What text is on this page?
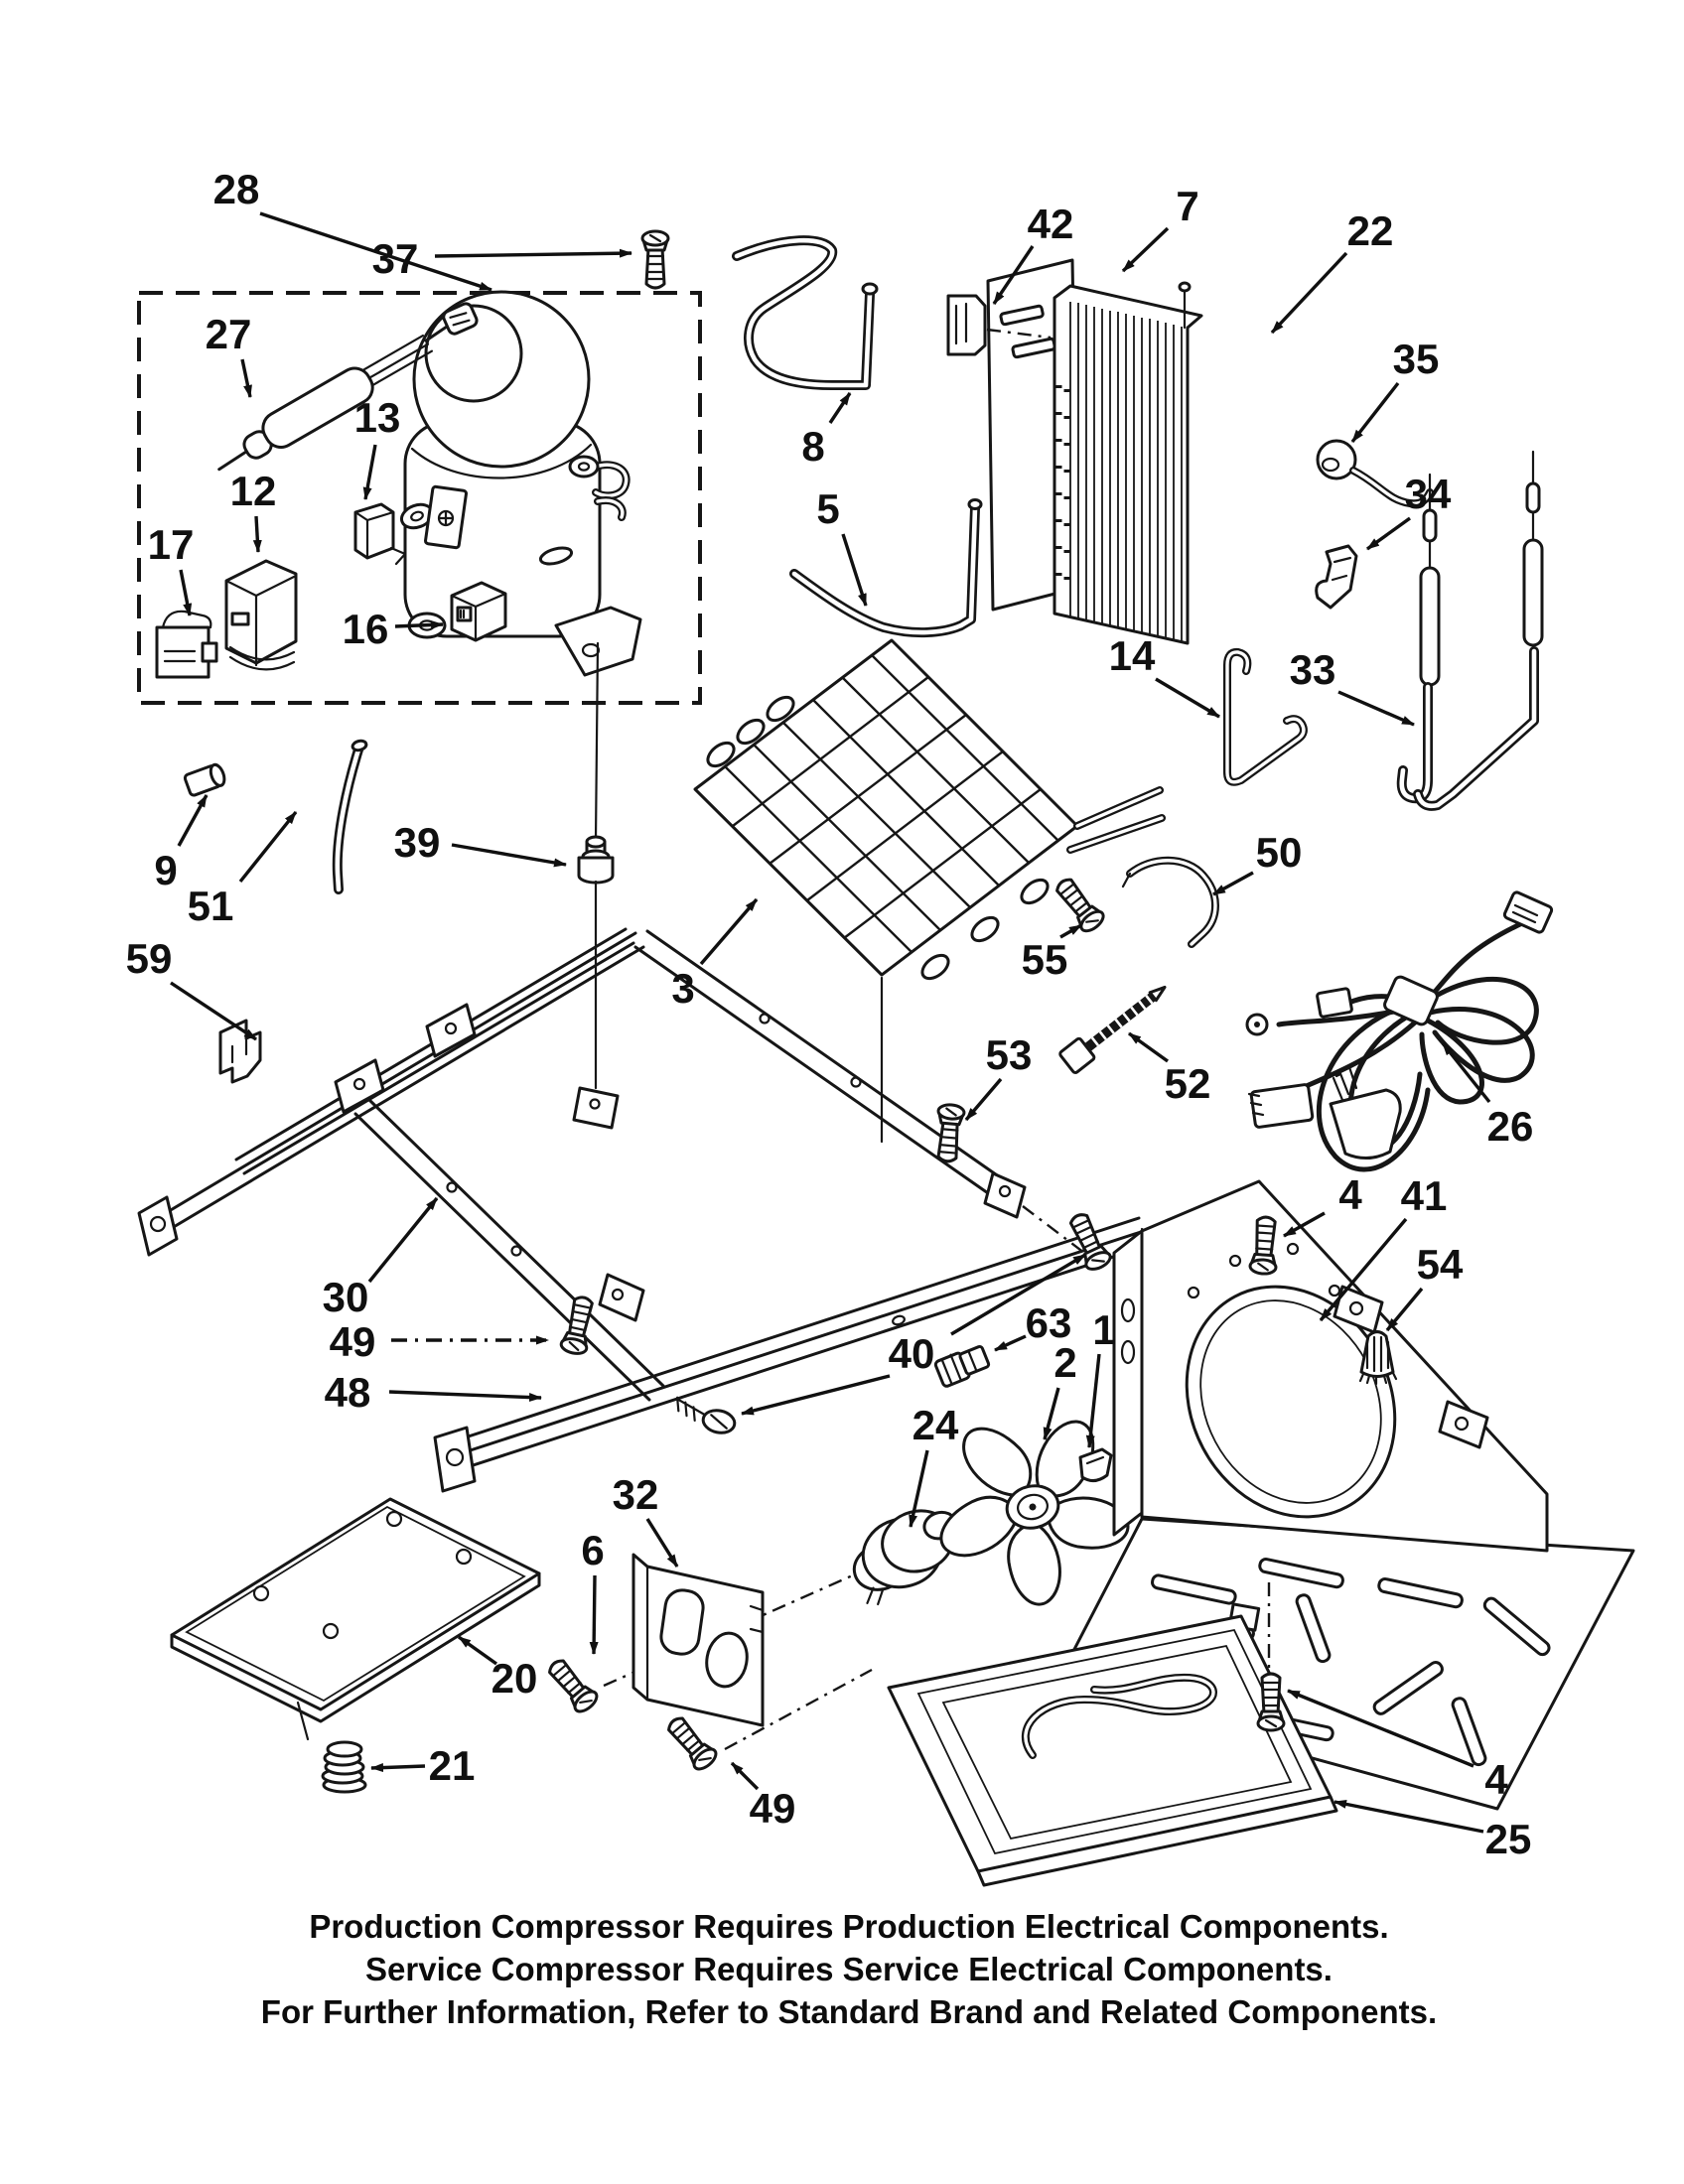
28
37
27
13
12
17
16
9
51
59
39
3
8
5
42 7
22
35
34
33
14
50
55
53
52
26
4 41
54
40
63
2
1
24
32
6
30
49
48
20
21
49
4
25
Production Compressor Requires Production Electrical Components.
Service Compressor Requires Service Electrical Components.
For Further Information, Refer to Standard Brand and Related Components.
